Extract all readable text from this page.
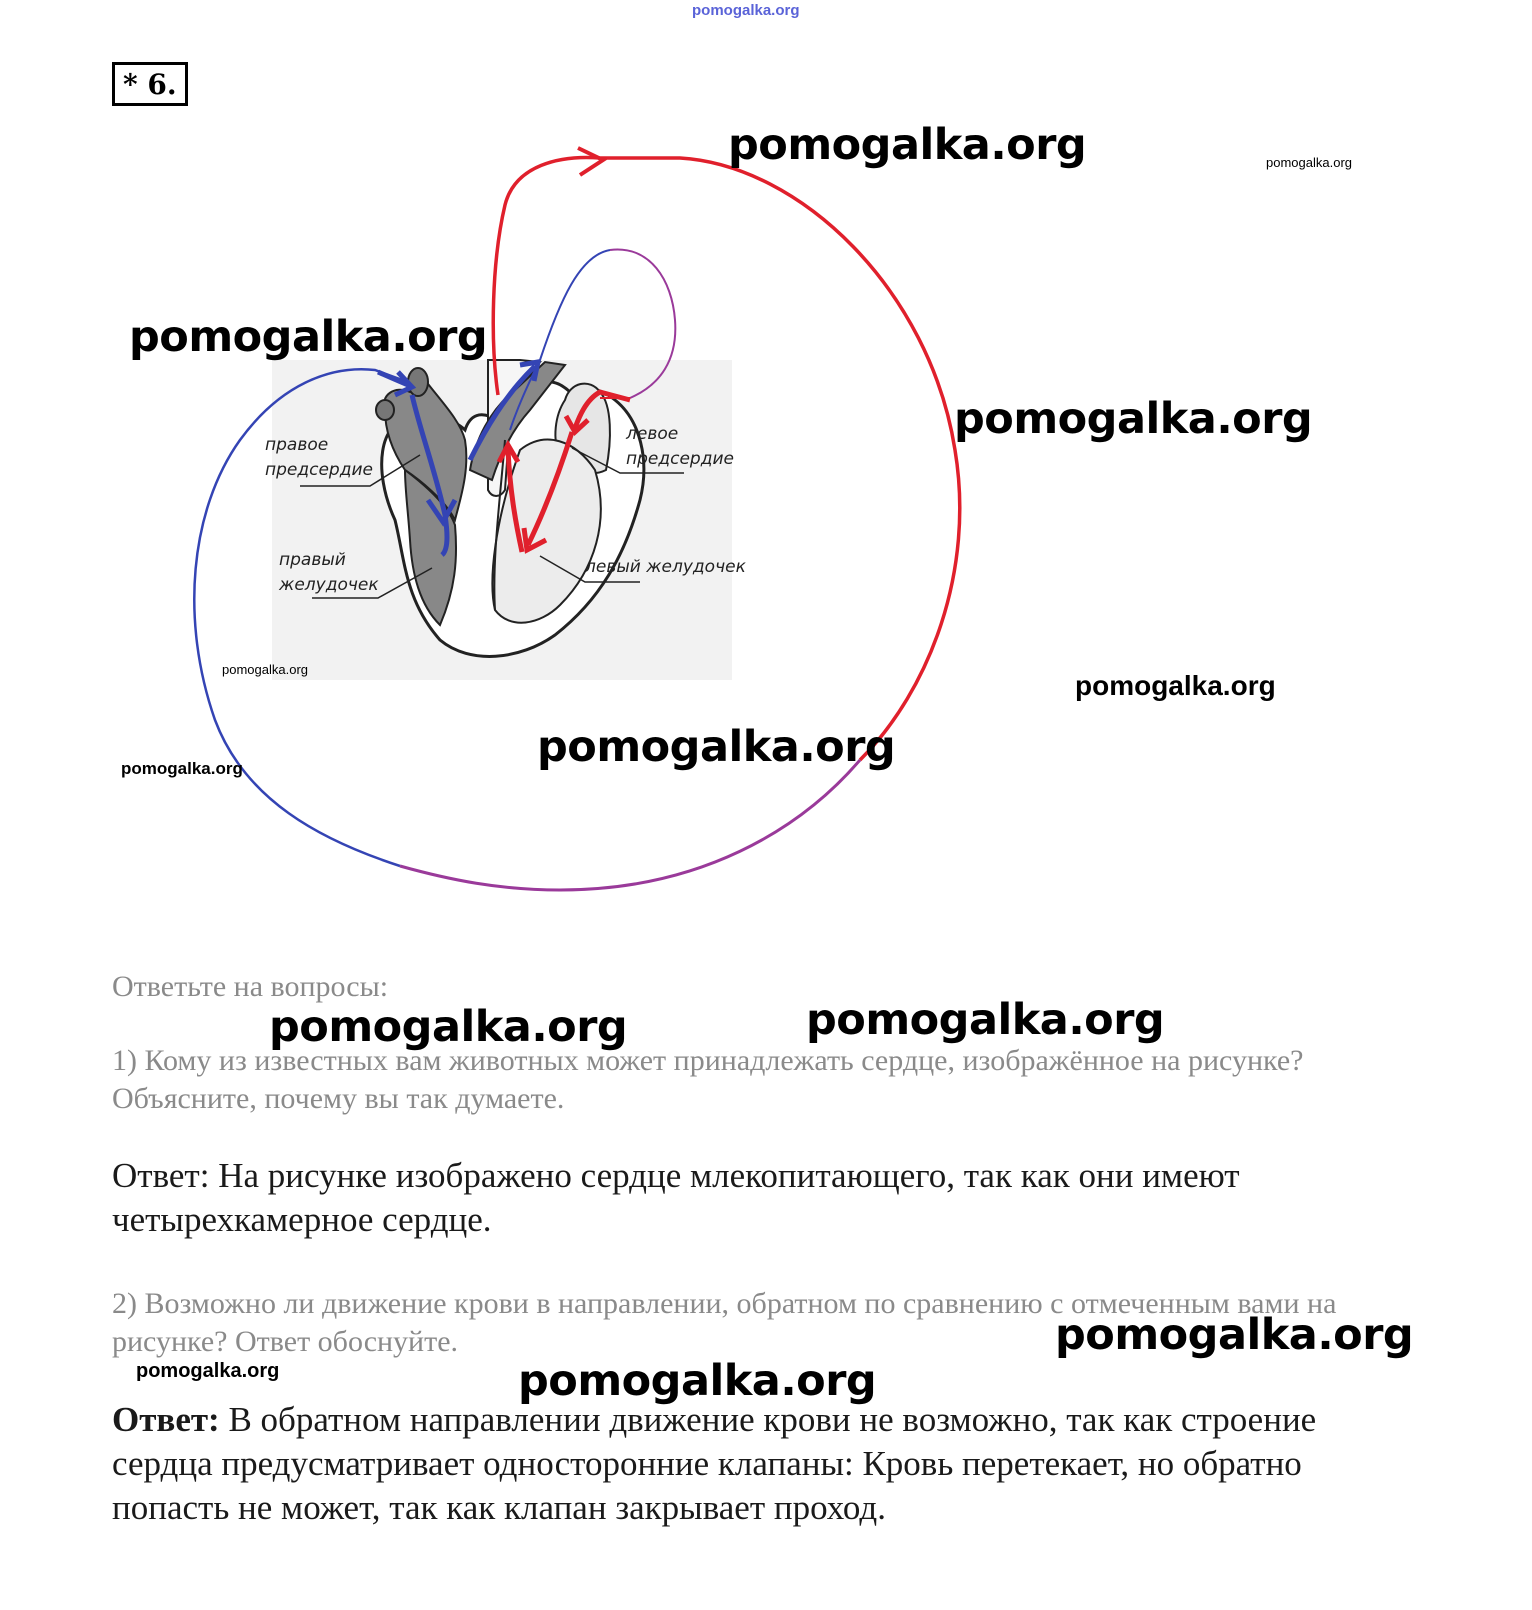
pomogalka.org
* 6.
правое
предсердие
правый
желудочек
левое
предсердие
левый желудочек
pomogalka.org	pomogalka.org
pomogalka.org
pomogalka.org
pomogalka.org
pomogalka.org
pomogalka.org
pomogalka.org
pomogalka.org	pomogalka.org
pomogalka.org
pomogalka.org	pomogalka.org
Ответьте на вопросы:
1) Кому из известных вам животных может принадлежать сердце, изображённое на рисунке? Объясните, почему вы так думаете.
Ответ: На рисунке изображено сердце млекопитающего, так как они имеют четырехкамерное сердце.
2) Возможно ли движение крови в направлении, обратном по сравнению с отмеченным вами на рисунке? Ответ обоснуйте.
Ответ: В обратном направлении движение крови не возможно, так как строение сердца предусматривает односторонние клапаны: Кровь перетекает, но обратно попасть не может, так как клапан закрывает проход.
